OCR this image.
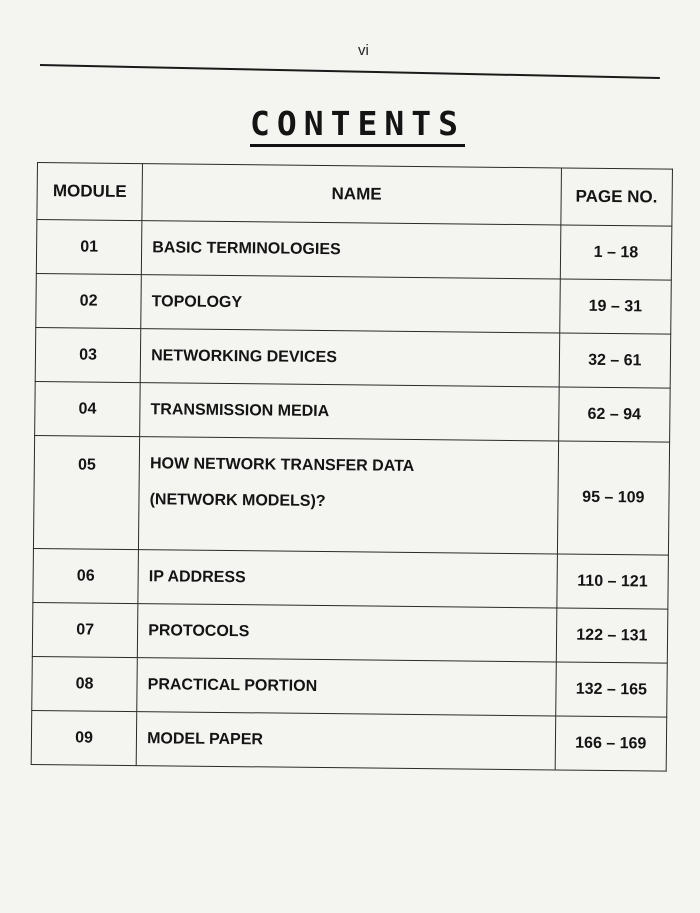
vi
CONTENTS
MODULE	NAME	PAGE NO.
01	BASIC TERMINOLOGIES	1 – 18
02	TOPOLOGY	19 – 31
03	NETWORKING DEVICES	32 – 61
04	TRANSMISSION MEDIA	62 – 94
05	HOW NETWORK TRANSFER DATA
(NETWORK MODELS)?	95 – 109
06	IP ADDRESS	110 – 121
07	PROTOCOLS	122 – 131
08	PRACTICAL PORTION	132 – 165
09	MODEL PAPER	166 – 169
